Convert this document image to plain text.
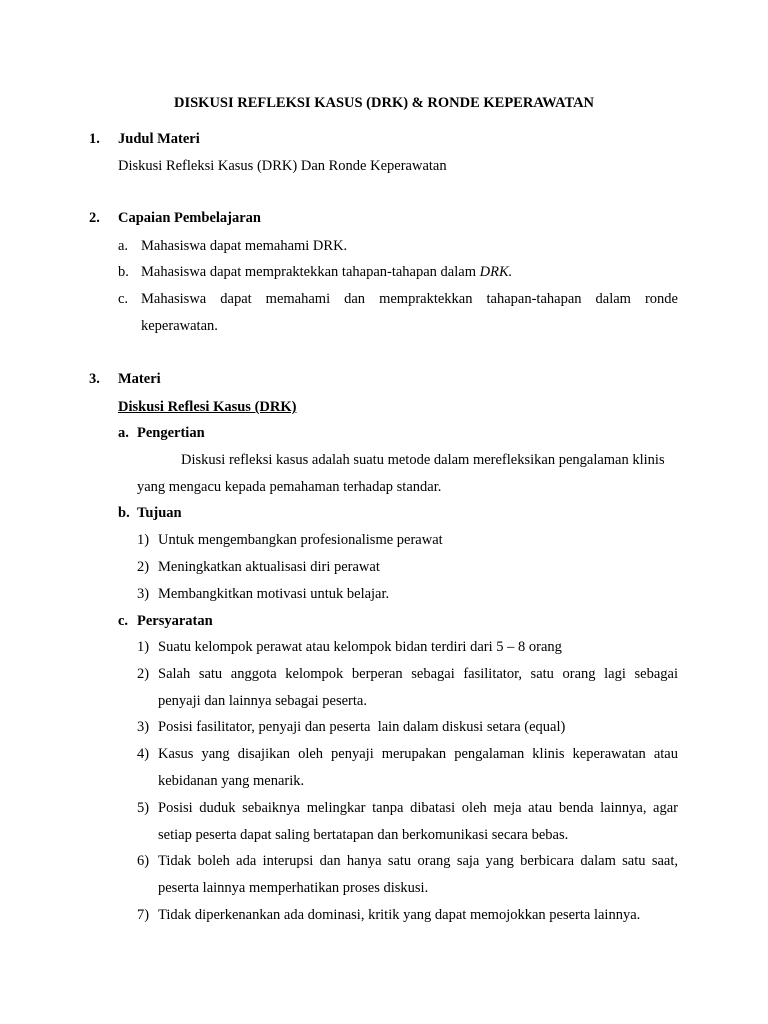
DISKUSI REFLEKSI KASUS (DRK) & RONDE KEPERAWATAN
1. Judul Materi
Diskusi Refleksi Kasus (DRK) Dan Ronde Keperawatan
2. Capaian Pembelajaran
a. Mahasiswa dapat memahami DRK.
b. Mahasiswa dapat mempraktekkan tahapan-tahapan dalam DRK.
c. Mahasiswa dapat memahami dan mempraktekkan tahapan-tahapan dalam ronde
keperawatan.
3. Materi
Diskusi Reflesi Kasus (DRK)
a. Pengertian
Diskusi refleksi kasus adalah suatu metode dalam merefleksikan pengalaman klinis
yang mengacu kepada pemahaman terhadap standar.
b. Tujuan
1) Untuk mengembangkan profesionalisme perawat
2) Meningkatkan aktualisasi diri perawat
3) Membangkitkan motivasi untuk belajar.
c. Persyaratan
1) Suatu kelompok perawat atau kelompok bidan terdiri dari 5 – 8 orang
2) Salah satu anggota kelompok berperan sebagai fasilitator, satu orang lagi sebagai
penyaji dan lainnya sebagai peserta.
3) Posisi fasilitator, penyaji dan peserta  lain dalam diskusi setara (equal)
4) Kasus yang disajikan oleh penyaji merupakan pengalaman klinis keperawatan atau
kebidanan yang menarik.
5) Posisi duduk sebaiknya melingkar tanpa dibatasi oleh meja atau benda lainnya, agar
setiap peserta dapat saling bertatapan dan berkomunikasi secara bebas.
6) Tidak boleh ada interupsi dan hanya satu orang saja yang berbicara dalam satu saat,
peserta lainnya memperhatikan proses diskusi.
7) Tidak diperkenankan ada dominasi, kritik yang dapat memojokkan peserta lainnya.
